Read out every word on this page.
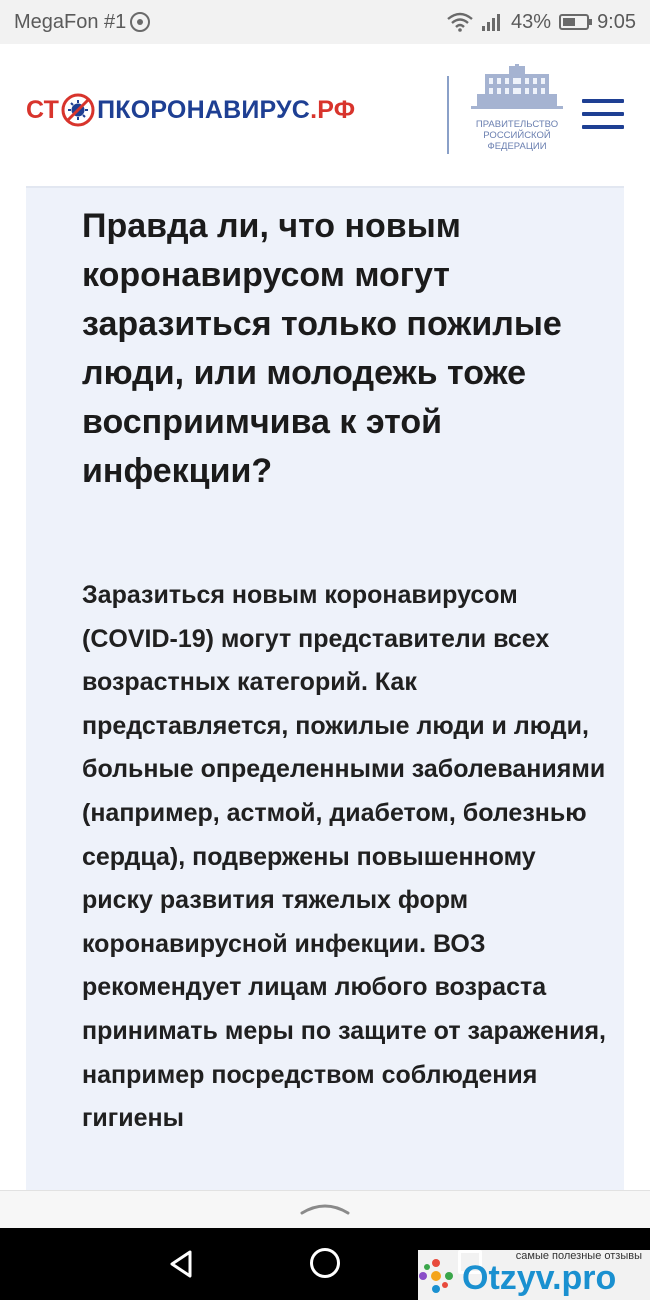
MegaFon #1	43% 9:05
СТ ПКОРОНАВИРУС .РФ
ПРАВИТЕЛЬСТВО РОССИЙСКОЙ ФЕДЕРАЦИИ
Правда ли, что новым коронавирусом могут заразиться только пожилые люди, или молодежь тоже восприимчива к этой инфекции?

Заразиться новым коронавирусом (COVID-19) могут представители всех возрастных категорий. Как представляется, пожилые люди и люди, больные определенными заболеваниями (например, астмой, диабетом, болезнью сердца), подвержены повышенному риску развития тяжелых форм коронавирусной инфекции. ВОЗ рекомендует лицам любого возраста принимать меры по защите от заражения, например посредством соблюдения гигиены

самые полезные отзывы
Otzyv.pro
